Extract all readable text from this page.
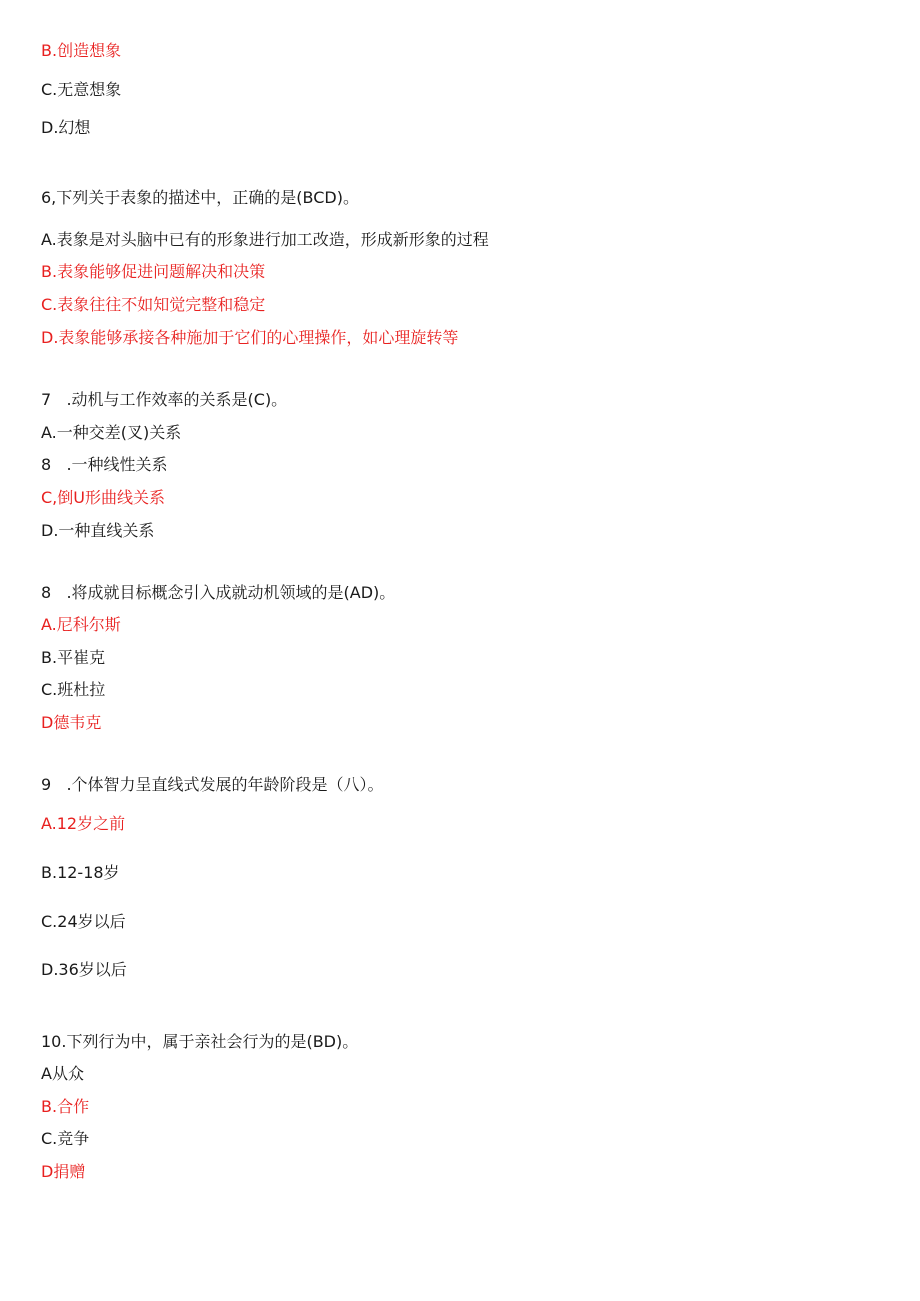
B.创造想象
C.无意想象
D.幻想
6,下列关于表象的描述中，正确的是(BCD)。
A.表象是对头脑中已有的形象进行加工改造，形成新形象的过程
B.表象能够促进问题解决和决策
C.表象往往不如知觉完整和稳定
D.表象能够承接各种施加于它们的心理操作，如心理旋转等
7   .动机与工作效率的关系是(C)。
A.一种交差(叉)关系
8   .一种线性关系
C,倒U形曲线关系
D.一种直线关系
8   .将成就目标概念引入成就动机领域的是(AD)。
A.尼科尔斯
B.平崔克
C.班杜拉
D德韦克
9   .个体智力呈直线式发展的年龄阶段是（八）。
A.12岁之前
B.12-18岁
C.24岁以后
D.36岁以后
10.下列行为中，属于亲社会行为的是(BD)。
A从众
B.合作
C.竞争
D捐赠
